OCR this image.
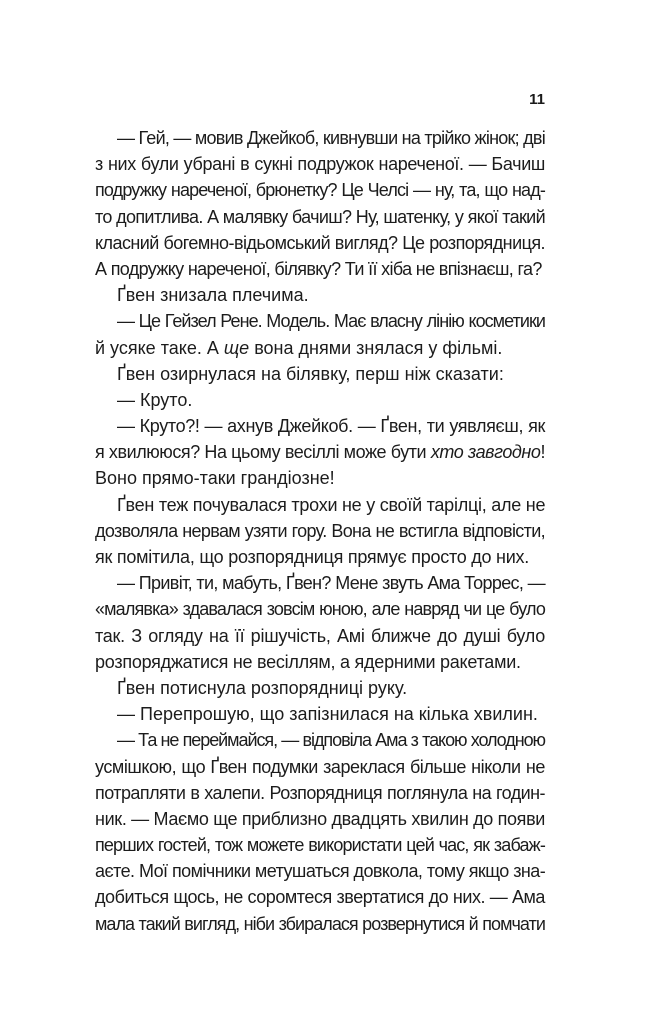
11
— Гей, — мовив Джейкоб, кивнувши на трійко жінок; дві
з них були убрані в сукні подружок нареченої. — Бачиш
подружку нареченої, брюнетку? Це Челсі — ну, та, що над-
то допитлива. А малявку бачиш? Ну, шатенку, у якої такий
класний богемно-відьомський вигляд? Це розпорядниця.
А подружку нареченої, білявку? Ти її хіба не впізнаєш, га?
Ґвен знизала плечима.
— Це Гейзел Рене. Модель. Має власну лінію косметики
й усяке таке. А ще вона днями знялася у фільмі.
Ґвен озирнулася на білявку, перш ніж сказати:
— Круто.
— Круто?! — ахнув Джейкоб. — Ґвен, ти уявляєш, як
я хвилююся? На цьому весіллі може бути хто завгодно!
Воно прямо-таки грандіозне!
Ґвен теж почувалася трохи не у своїй тарілці, але не
дозволяла нервам узяти гору. Вона не встигла відповісти,
як помітила, що розпорядниця прямує просто до них.
— Привіт, ти, мабуть, Ґвен? Мене звуть Ама Торрес, —
«малявка» здавалася зовсім юною, але навряд чи це було
так. З огляду на її рішучість, Амі ближче до душі було
розпоряджатися не весіллям, а ядерними ракетами.
Ґвен потиснула розпорядниці руку.
— Перепрошую, що запізнилася на кілька хвилин.
— Та не переймайся, — відповіла Ама з такою холодною
усмішкою, що Ґвен подумки зареклася більше ніколи не
потрапляти в халепи. Розпорядниця поглянула на годин-
ник. — Маємо ще приблизно двадцять хвилин до появи
перших гостей, тож можете використати цей час, як забаж-
аєте. Мої помічники метушаться довкола, тому якщо зна-
добиться щось, не соромтеся звертатися до них. — Ама
мала такий вигляд, ніби збиралася розвернутися й помчати
